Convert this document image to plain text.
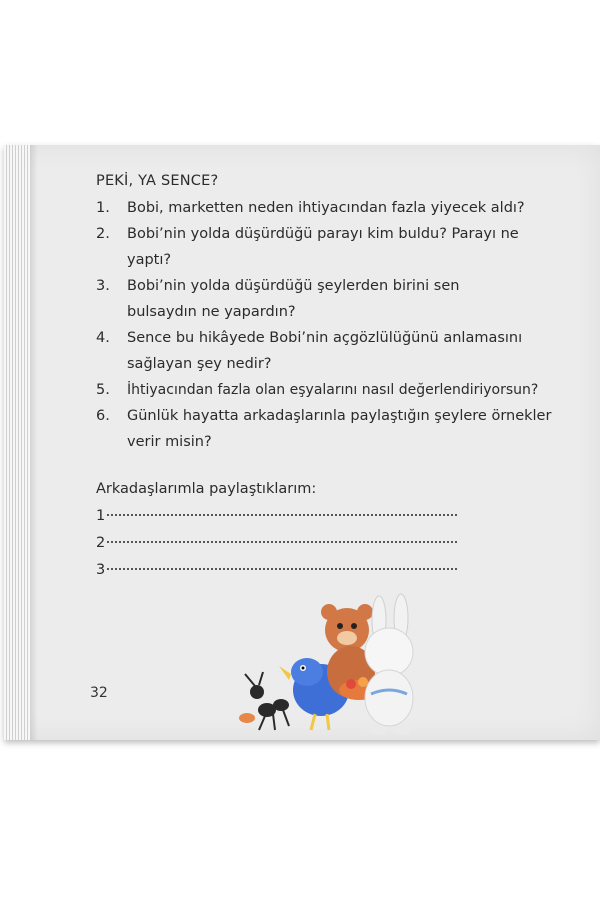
PEKİ, YA SENCE?
1.	Bobi, marketten neden ihtiyacından fazla yiyecek aldı?
2.	Bobi’nin yolda düşürdüğü parayı kim buldu? Parayı ne yaptı?
3.	Bobi’nin yolda düşürdüğü şeylerden birini sen bulsaydın ne yapardın?
4.	Sence bu hikâyede Bobi’nin açgözlülüğünü anlamasını sağlayan şey nedir?
5.	İhtiyacından fazla olan eşyalarını nasıl değerlendiriyorsun?
6.	Günlük hayatta arkadaşlarınla paylaştığın şeylere örnekler verir misin?
Arkadaşlarımla paylaştıklarım:
1
2
3
32
